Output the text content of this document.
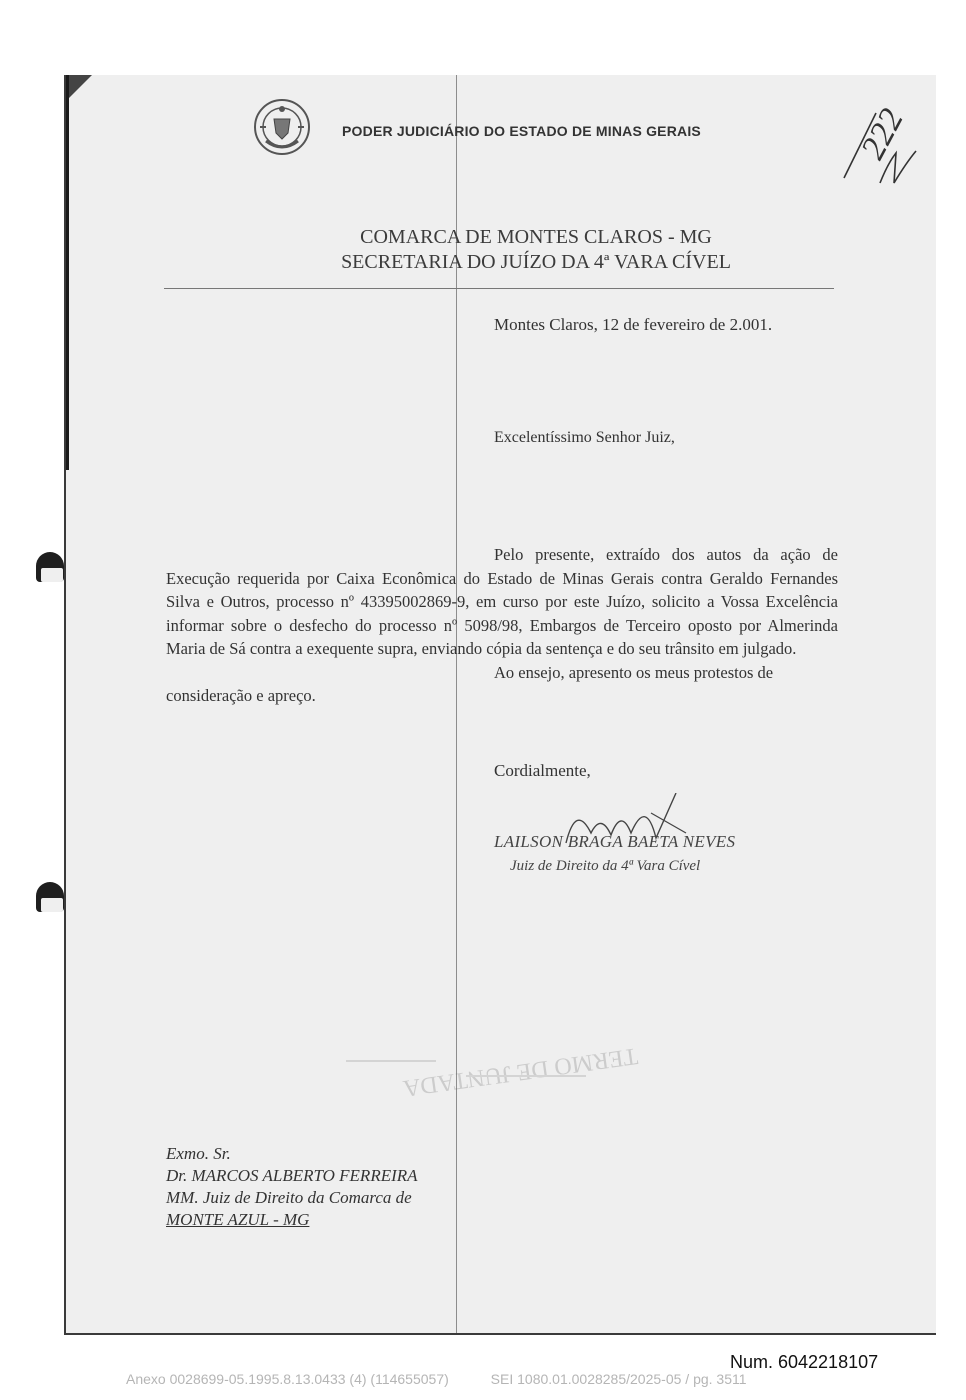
PODER JUDICIÁRIO DO ESTADO DE MINAS GERAIS	222
COMARCA DE MONTES CLAROS - MG
SECRETARIA DO JUÍZO DA 4ª VARA CÍVEL
Montes Claros, 12 de fevereiro de 2.001.
Excelentíssimo Senhor Juiz,

Pelo presente, extraído dos autos da ação de Execução requerida por Caixa Econômica do Estado de Minas Gerais contra Geraldo Fernandes Silva e Outros, processo nº 43395002869-9, em curso por este Juízo, solicito a Vossa Excelência informar sobre o desfecho do processo nº 5098/98, Embargos de Terceiro oposto por Almerinda Maria de Sá contra a exequente supra, enviando cópia da sentença e do seu trânsito em julgado.

Ao ensejo, apresento os meus protestos de

consideração e apreço.

Cordialmente,
LAILSON BRAGA BAETA NEVES
Juiz de Direito da 4ª Vara Cível
TERMO DE JUNTADA
Exmo. Sr.
Dr. MARCOS ALBERTO FERREIRA
MM. Juiz de Direito da Comarca de
MONTE AZUL - MG
Num. 6042218107
Anexo 0028699-05.1995.8.13.0433 (4) (114655057)	SEI 1080.01.0028285/2025-05 / pg. 3511
